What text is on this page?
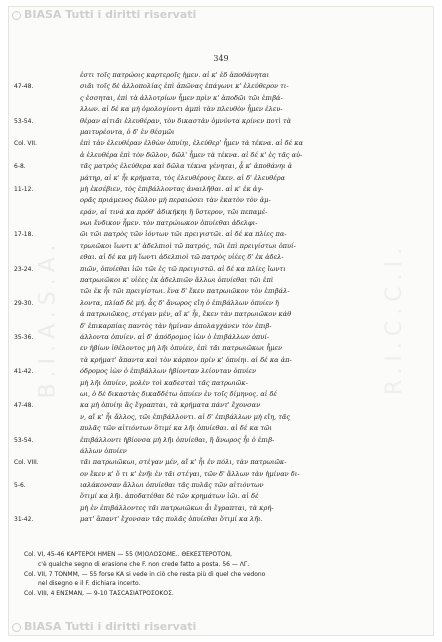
BIASA Tutti i diritti riservati
B.I.A.S.A.	R.I.C.C.I.
349
ἐστι τοῖς πατρώοις καρτεροῖς ἡμεν. αἱ κ' ἐδ ἀποθάνηται
47-48.	σιᾶι τοῖς δὲ ἀλλοπολίας ἐπὶ ἀπῶνας ἐπάγωνι κ' ἐλεύθερον τι-
ς ἐσσηται, ἐπὶ τὰ ἀλλοτρίων ἦμεν πρὶν κ' ἀποδῶι τῶι ἐπιβά-
λλων. αἱ δέ κα μὴ ὀμολογίοντι ἀμπὶ τὰν πλευθὸν ἦμεν ἐλευ-
53-54.	θέραν αἰτιᾶι ἐλευθέραν, τὸν δικαστὰν ὀμνύντα κρίνεν ποτὶ τὰ
μαιτυρέοντα, ὁ δ' ἐν θέσμῶι
Col. VII.	ἐπὶ τὰν ἐλευθέραν ἐλθὼν ὀπυίηι, ἐλεύθερ' ἦμεν τὰ τέκνα. αἱ δέ κα
ἁ ἐλευθέρα ἐπὶ τὸν δῶλον, δῶλ' ἦμεν τὰ τέκνα. αἱ δέ κ' ἐς τᾶς αὐ-
6-8.	τᾶς ματρὸς ἐλεύθερα καὶ δῶλα τέκνα γένηται, ᾇ κ' ἀποθάνηι ἁ
μάτηρ, αἱ κ' ἦι κρήματα, τὸς ἐλευθέρονς ἔκεν. αἱ δ' ἐλευθέρα
11-12.	μὴ ἐκσέβιεν, τὸς ἐπιβάλλοντας ἀναιλῆθαι. αἱ κ' ἐκ ἀγ-
ορᾶς πριάμενος δῶλον μὴ περαιώσει τὰν ἑκατὸν τὸν ἀμ-
εράν, αἱ τινά κα πρόθ' ἀδικήκηι ἢ ὕστερον, τῶι πεπαμέ-
νωι ἔνδικον ἦμεν. τὸν πατρώιωκον ὀπυίεθαι ἀδελφι-
17-18.	ῶι τῶι πατρὸς τῶν ἰόντων τῶι πρειγιστῶι. αἱ δέ κα πλίες πα-
τρωιῶκοι ἴωντι κ' ἀδελπιοὶ τῶ πατρός, τῶι ἐπὶ πρειγίστωι ὀπυί-
εθαι. αἱ δέ κα μὴ ἴωντι ἀδελπιοὶ τῶ πατρὸς υἱέες δ' ἐκ ἀδελ-
23-24.	πιῶν, ὀπυίεθαι ἰῶι τῶι ἐς τῶ πρειγιστῶ. αἱ δέ κα πλίες ἴωντι
πατρωιῶκοι κ' υἱέες ἐκ ἀδελπιῶν ἄλλωι ὀπυίεθαι τῶι ἐπὶ
τῶι ἐκ ἦι τῶι πρειγίστωι. ἕνα δ' ἔκεν πατρωιῶκον τὸν ἐπιβάλ-
29-30.	λοντα, πλίαδ δὲ μή. ἆς δ' ἄνωρος εἴη ὁ ἐπιβάλλων ὀπυίεν ἢ
ἁ πατρωιῶκος, στέγαν μέν, αἴ κ' ἦι, ἔκεν τὰν πατρωιῶκον κάθ
δ' ἐπικαρπίας παντὸς τὰν ἡμίναν ἀπολαγχάνεν τὸν ἐπιβ-
35-36.	άλλοντα ὀπυίεν. αἱ δ' ἀπόδρομος ἰὼν ὁ ἐπιβάλλων ὀπυί-
εν ἡβίων ἰθέλοντος μὴ λῆι ὀπυίεν, ἐπὶ τᾶι πατρωιῶκωι ἦμεν
τὰ κρήματ' ἅπαντα καὶ τὸν κάρπον πρίν κ' ὀπυίηι. αἱ δέ κα ἀπ-
41-42.	όδρομος ἰὼν ὁ ἐπιβάλλων ἡβίονταν λείονταν ὀπυίεν
μὴ λῆι ὀπυίεν, μολὲν τοὶ καδεσταὶ τᾶς πατρωιῶκ-
ωι, ὁ δὲ δικαστὰς δικαδδέτω ὀπυίεν ἐν τοῖς δίμηνος. αἱ δέ
47-48.	κα μὴ ὀπυίηι ἃς ἔγραπται, τὰ κρήματα πάντ' ἔχονσαν
ν, αἴ κ' ἦι ἄλλος, τῶι ἐπιβάλλοντι. αἱ δ' ἐπιβάλλων μὴ εἴη, τᾶς
πυλᾶς τῶν αἰτιόντων ὅτιμί κα λῆι ὀπυίεθαι. αἱ δέ κα τῶι
53-54.	ἐπιβάλλοντι ἡβίονσα μὴ λῆι ὀπυίεθαι, ἢ ἄνωρος ἦι ὁ ἐπιβ-
άλλων ὀπυίεν
Col. VIII.	τᾶι πατρωιῶκωι, στέγαν μέν, αἴ κ' ἦι ἐν πόλι, τὰν πατρωιῶκ-
ον ἔκεν κ' ὅ τι κ' ἐνῆι ἐν τᾶι στέγαι, τῶν δ' ἄλλων τὰν ἡμίναν δι-
5-6.	ιαλάκονσαν ἄλλωι ὀπυίεθαι τᾶς πυλᾶς τῶν αἰτιόντων
ὅτιμί κα λῆι. ἀποδατέθαι δὲ τῶν κρημάτων ἰῶι. αἱ δὲ
μὴ ἐν ἐπιβάλλοντες τᾶι πατρωιῶκωι ἆι ἔγραπται, τὰ κρή-
31-42.	ματ' ἅπαντ' ἔχονσαν τᾶς πυλᾶς ὀπυίεθαι ὅτιμί κα λῆι.
Col. VI, 45-46 ΚΑΡΤΕΡΟΙ ΗΜΕΝ — 55 (Μ)ΟΛΟΣΟΜΕ.. ΘΕΚΕΣΤΕΡΟΤΟΝ,
c'è qualche segno di erasione che F. non crede fatto a posta. 56 — ΛΓ.
Col. VII, 7 ΤΟΝΜΜ, — 55 forse ΚΑ si vede in ciò che resta più di quel che vedono
nel disegno e il F. dichiara incerto.
Col. VIII, 4 ΕΝΣΜΑΝ, — 9-10 ΤΑΣCΑΣΙΑΤΡΟΣΟΚΟΣ.
BIASA Tutti i diritti riservati
